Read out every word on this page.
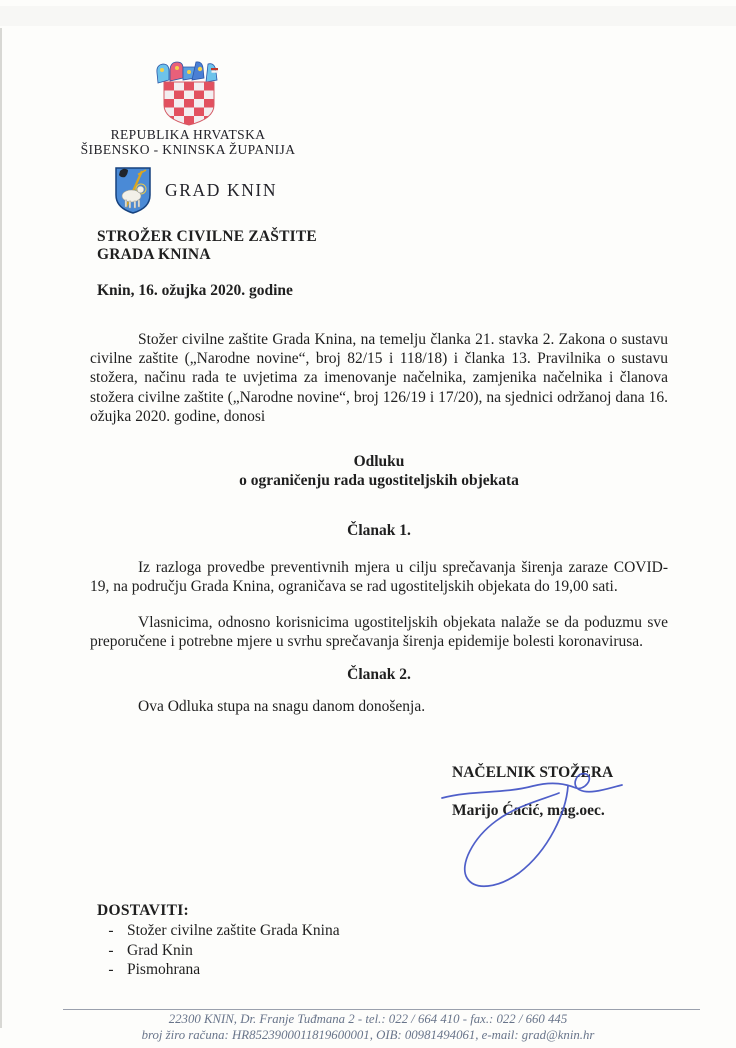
REPUBLIKA HRVATSKA
ŠIBENSKO - KNINSKA ŽUPANIJA
GRAD KNIN
STROŽER CIVILNE ZAŠTITE
GRADA KNINA
Knin, 16. ožujka 2020. godine
Stožer civilne zaštite Grada Knina, na temelju članka 21. stavka 2. Zakona o sustavu civilne zaštite („Narodne novine“, broj 82/15 i 118/18) i članka 13. Pravilnika o sustavu stožera, načinu rada te uvjetima za imenovanje načelnika, zamjenika načelnika i članova stožera civilne zaštite („Narodne novine“, broj 126/19 i 17/20), na sjednici održanoj dana 16. ožujka 2020. godine, donosi
Odluku
o ograničenju rada ugostiteljskih objekata
Članak 1.
Iz razloga provedbe preventivnih mjera u cilju sprečavanja širenja zaraze COVID-19, na području Grada Knina, ograničava se rad ugostiteljskih objekata do 19,00 sati.
Vlasnicima, odnosno korisnicima ugostiteljskih objekata nalaže se da poduzmu sve preporučene i potrebne mjere u svrhu sprečavanja širenja epidemije bolesti koronavirusa.
Članak 2.
Ova Odluka stupa na snagu danom donošenja.
NAČELNIK STOŽERA
Marijo Ćaćić, mag.oec.
DOSTAVITI:
- Stožer civilne zaštite Grada Knina
- Grad Knin
- Pismohrana
22300 KNIN, Dr. Franje Tuđmana 2 - tel.: 022 / 664 410 - fax.: 022 / 660 445
broj žiro računa: HR8523900011819600001, OIB: 00981494061, e-mail: grad@knin.hr
